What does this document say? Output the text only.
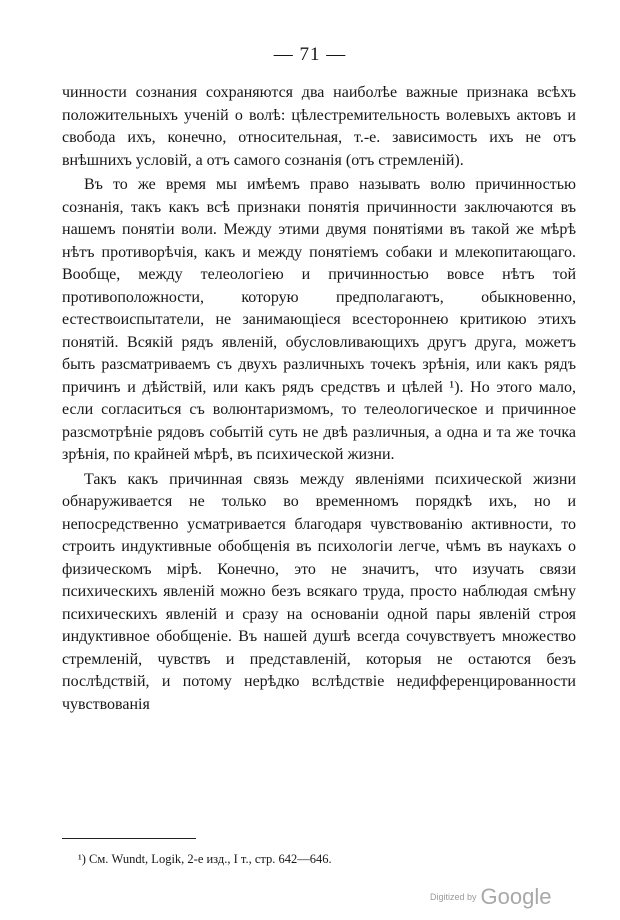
— 71 —

чинности сознания сохраняются два наиболѣе важные признака всѣхъ положительныхъ ученій о волѣ: цѣлестремительность волевыхъ актовъ и свобода ихъ, конечно, относительная, т.-е. зависимость ихъ не отъ внѣшнихъ условій, а отъ самого сознанія (отъ стремленій).

Въ то же время мы имѣемъ право называть волю причинностью сознанія, такъ какъ всѣ признаки понятія причинности заключаются въ нашемъ понятіи воли. Между этими двумя понятіями въ такой же мѣрѣ нѣтъ противорѣчія, какъ и между понятіемъ собаки и млекопитающаго. Вообще, между телеологіею и причинностью вовсе нѣтъ той противоположности, которую предполагаютъ, обыкновенно, естествоиспытатели, не занимающіеся всестороннею критикою этихъ понятій. Всякій рядъ явленій, обусловливающихъ другъ друга, можетъ быть разсматриваемъ съ двухъ различныхъ точекъ зрѣнія, или какъ рядъ причинъ и дѣйствій, или какъ рядъ средствъ и цѣлей ¹). Но этого мало, если согласиться съ волюнтаризмомъ, то телеологическое и причинное разсмотрѣніе рядовъ событій суть не двѣ различныя, а одна и та же точка зрѣнія, по крайней мѣрѣ, въ психической жизни.

Такъ какъ причинная связь между явленіями психической жизни обнаруживается не только во временномъ порядкѣ ихъ, но и непосредственно усматривается благодаря чувствованію активности, то строить индуктивные обобщенія въ психологіи легче, чѣмъ въ наукахъ о физическомъ мірѣ. Конечно, это не значитъ, что изучать связи психическихъ явленій можно безъ всякаго труда, просто наблюдая смѣну психическихъ явленій и сразу на основаніи одной пары явленій строя индуктивное обобщеніе. Въ нашей душѣ всегда сочувствуетъ множество стремленій, чувствъ и представленій, которыя не остаются безъ послѣдствій, и потому нерѣдко вслѣдствіе недифференцированности чувствованія

¹) См. Wundt, Logik, 2-е изд., I т., стр. 642—646.

Digitized by Google
